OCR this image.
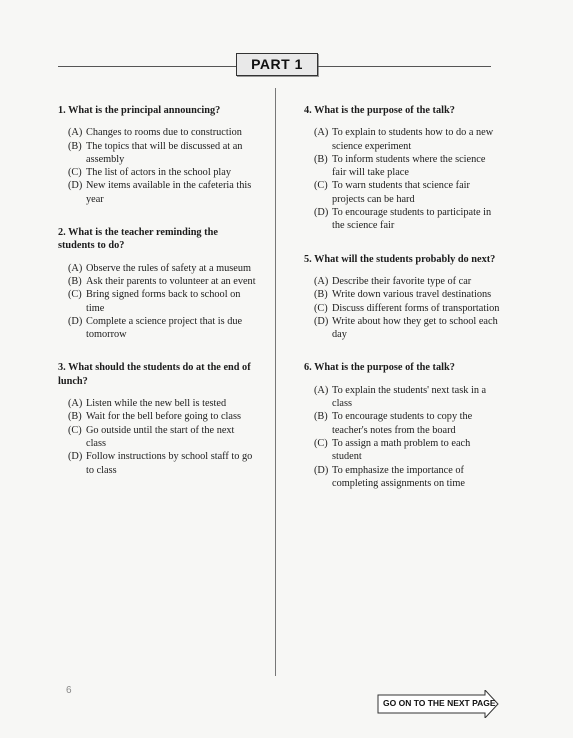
PART 1
1. What is the principal announcing?
(A) Changes to rooms due to construction
(B) The topics that will be discussed at an assembly
(C) The list of actors in the school play
(D) New items available in the cafeteria this year
2. What is the teacher reminding the students to do?
(A) Observe the rules of safety at a museum
(B) Ask their parents to volunteer at an event
(C) Bring signed forms back to school on time
(D) Complete a science project that is due tomorrow
3. What should the students do at the end of lunch?
(A) Listen while the new bell is tested
(B) Wait for the bell before going to class
(C) Go outside until the start of the next class
(D) Follow instructions by school staff to go to class
4. What is the purpose of the talk?
(A) To explain to students how to do a new science experiment
(B) To inform students where the science fair will take place
(C) To warn students that science fair projects can be hard
(D) To encourage students to participate in the science fair
5. What will the students probably do next?
(A) Describe their favorite type of car
(B) Write down various travel destinations
(C) Discuss different forms of transportation
(D) Write about how they get to school each day
6. What is the purpose of the talk?
(A) To explain the students' next task in a class
(B) To encourage students to copy the teacher's notes from the board
(C) To assign a math problem to each student
(D) To emphasize the importance of completing assignments on time
6
GO ON TO THE NEXT PAGE
